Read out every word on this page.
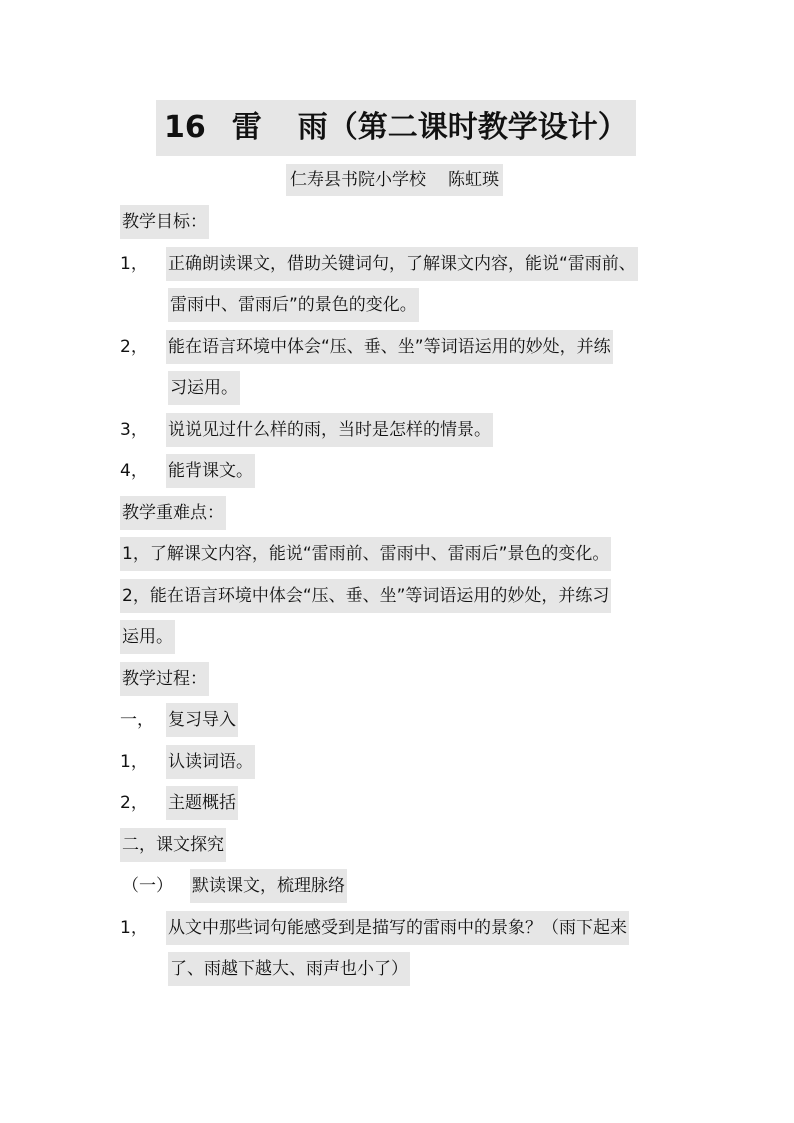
16 雷 雨（第二课时教学设计）
仁寿县书院小学校 陈虹瑛
教学目标：
1， 正确朗读课文，借助关键词句，了解课文内容，能说“雷雨前、
雷雨中、雷雨后”的景色的变化。
2， 能在语言环境中体会“压、垂、坐”等词语运用的妙处，并练
习运用。
3， 说说见过什么样的雨，当时是怎样的情景。
4， 能背课文。
教学重难点：
1，了解课文内容，能说“雷雨前、雷雨中、雷雨后”景色的变化。
2，能在语言环境中体会“压、垂、坐”等词语运用的妙处，并练习
运用。
教学过程：
一， 复习导入
1， 认读词语。
2， 主题概括
二，课文探究
（一） 默读课文，梳理脉络
1， 从文中那些词句能感受到是描写的雷雨中的景象？（雨下起来
了、雨越下越大、雨声也小了）
